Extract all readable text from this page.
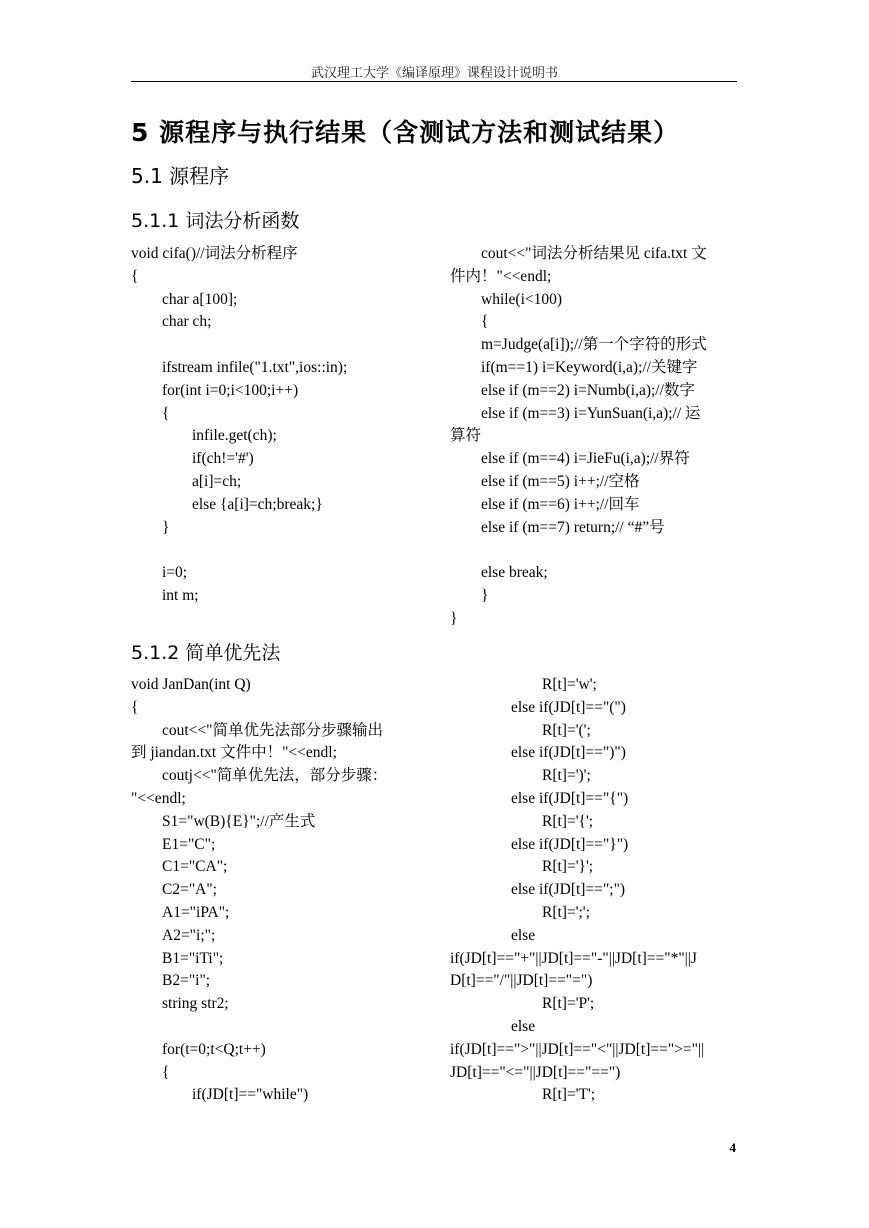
武汉理工大学《编译原理》课程设计说明书
5 源程序与执行结果（含测试方法和测试结果）
5.1 源程序
5.1.1 词法分析函数
void cifa()//词法分析程序
{
char a[100];
char ch;
ifstream infile("1.txt",ios::in);
for(int i=0;i<100;i++)
{
infile.get(ch);
if(ch!='#')
a[i]=ch;
else {a[i]=ch;break;}
}
i=0;
int m;
cout<<"词法分析结果见 cifa.txt 文
件内！"<<endl;
while(i<100)
{
m=Judge(a[i]);//第一个字符的形式
if(m==1) i=Keyword(i,a);//关键字
else if (m==2) i=Numb(i,a);//数字
else if (m==3) i=YunSuan(i,a);// 运
算符
else if (m==4) i=JieFu(i,a);//界符
else if (m==5) i++;//空格
else if (m==6) i++;//回车
else if (m==7) return;// “#”号
else break;
}
}
5.1.2 简单优先法
void JanDan(int Q)
{
cout<<"简单优先法部分步骤输出
到 jiandan.txt 文件中！"<<endl;
coutj<<"简单优先法，部分步骤：
"<<endl;
S1="w(B){E}";//产生式
E1="C";
C1="CA";
C2="A";
A1="iPA";
A2="i;";
B1="iTi";
B2="i";
string str2;
for(t=0;t<Q;t++)
{
if(JD[t]=="while")
R[t]='w';
else if(JD[t]=="(")
R[t]='(';
else if(JD[t]==")")
R[t]=')';
else if(JD[t]=="{")
R[t]='{';
else if(JD[t]=="}")
R[t]='}';
else if(JD[t]==";")
R[t]=';';
else
if(JD[t]=="+"||JD[t]=="-"||JD[t]=="*"||J
D[t]=="/"||JD[t]=="=")
R[t]='P';
else
if(JD[t]==">"||JD[t]=="<"||JD[t]==">="||
JD[t]=="<="||JD[t]=="==")
R[t]='T';
4
